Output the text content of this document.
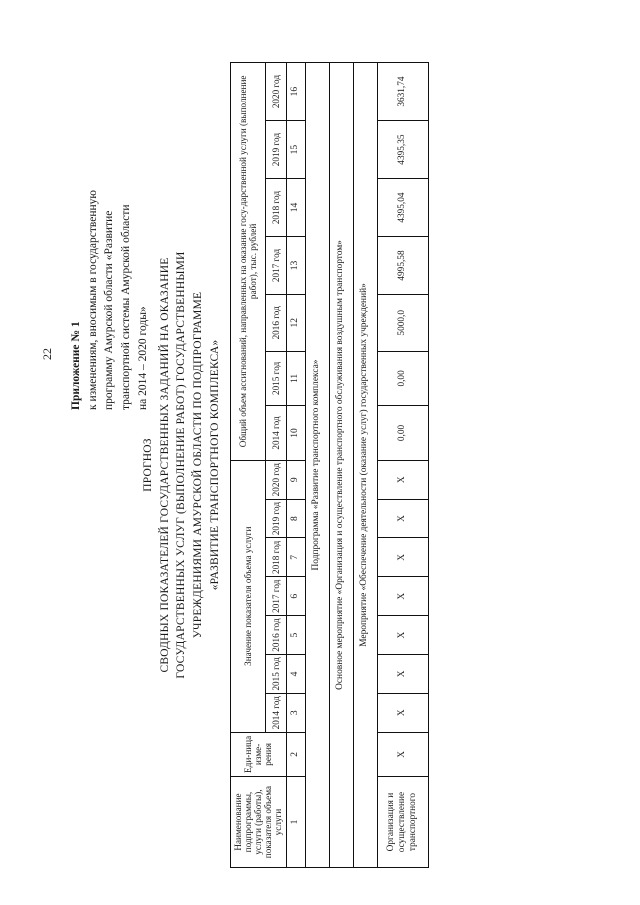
22 Приложение № 1 к изменениям, вносимым в государственную программу Амурской области «Развитие транспортной системы Амурской области на 2014 – 2020 годы»
ПРОГНОЗ СВОДНЫХ ПОКАЗАТЕЛЕЙ ГОСУДАРСТВЕННЫХ ЗАДАНИЙ НА ОКАЗАНИЕ ГОСУДАРСТВЕННЫХ УСЛУГ (ВЫПОЛНЕНИЕ РАБОТ) ГОСУДАРСТВЕННЫМИ УЧРЕЖДЕНИЯМИ АМУРСКОЙ ОБЛАСТИ ПО ПОДПРОГРАММЕ «РАЗВИТИЕ ТРАНСПОРТНОГО КОМПЛЕКСА»
Наименование подпрограммы, услуги (работы), показателя объема услуги	Еди-ница изме-рения	Значение показателя объема услуги							Общий объем ассигнований, направленных на оказание госу-дарственной услуги (выполнение работ), тыс. рублей						
		2014 год	2015 год	2016 год	2017 год	2018 год	2019 год	2020 год	2014 год	2015 год	2016 год	2017 год	2018 год	2019 год	2020 год
1	2	3	4	5	6	7	8	9	10	11	12	13	14	15	16
Подпрограмма «Развитие транспортного комплекса»															
Основное мероприятие «Организация и осуществление транспортного обслуживания воздушным транспортом»															
Мероприятие «Обеспечение деятельности (оказание услуг) государственных учреждений»															
Организация и осуществление транспортного	Х	Х	Х	Х	Х	Х	Х	Х	0,00	0,00	5000,0	4995,58	4395,04	4395,35	3631,74
